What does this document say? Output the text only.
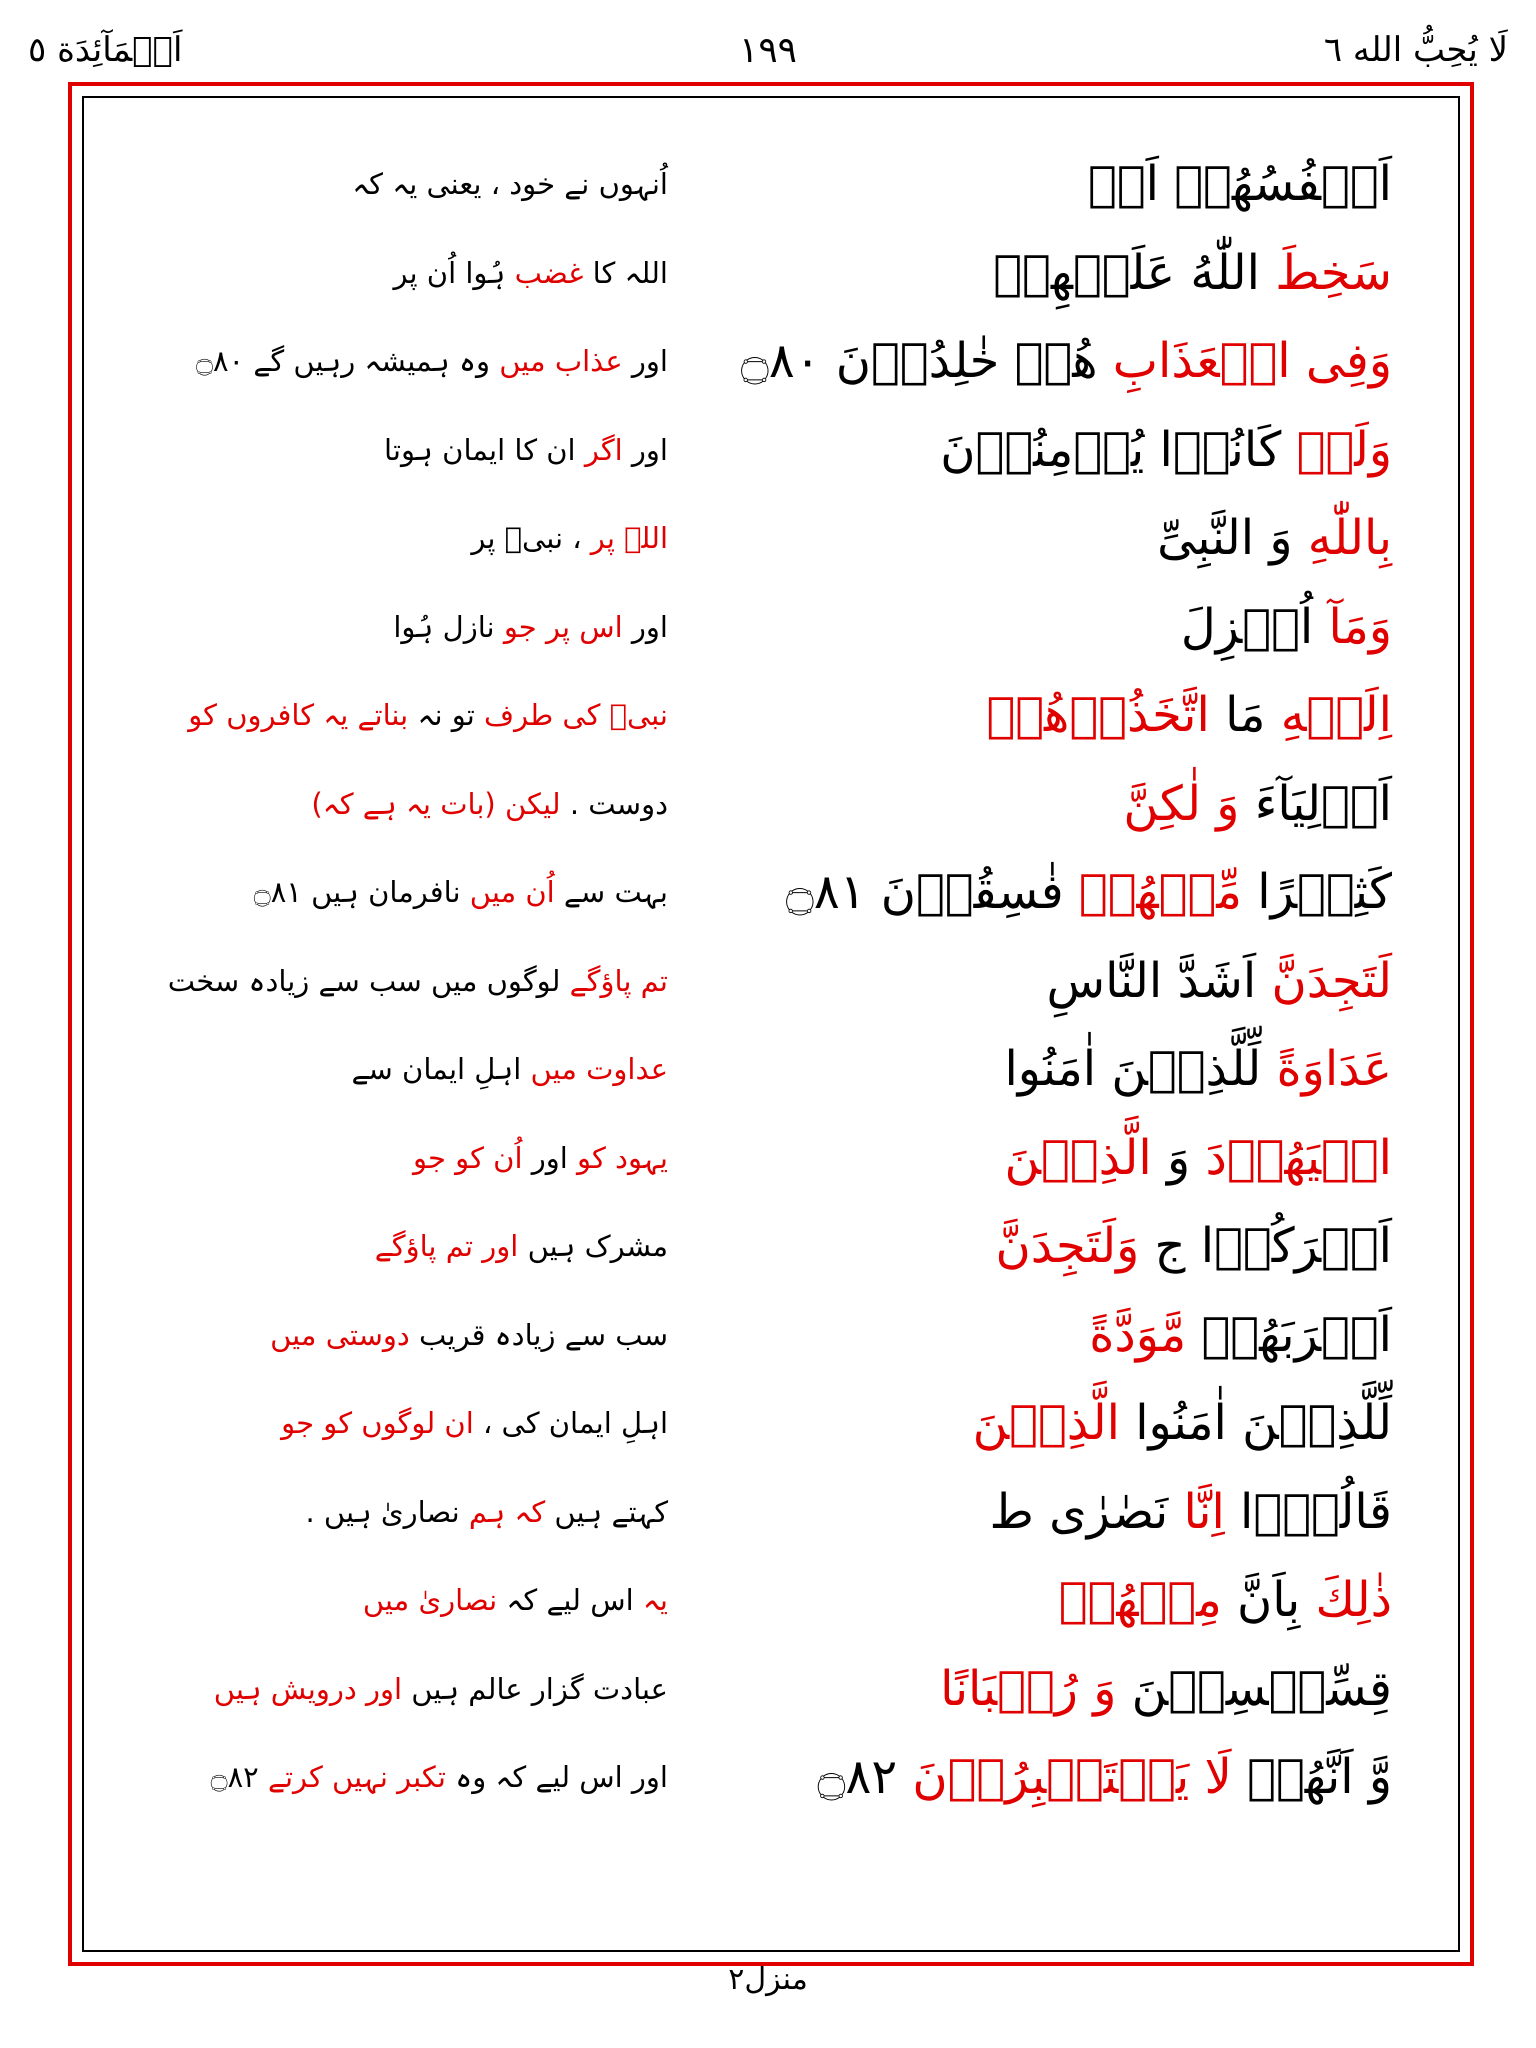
اَلۡمَآئِدَة ٥	١٩٩	لَا يُحِبُّ الله ٦
اَنۡفُسُهُمۡ اَنۡ
اُنہوں نے خود ، یعنی یہ کہ
سَخِطَ اللّٰهُ عَلَيۡهِمۡ
اللہ کا غضب ہُوا اُن پر
وَفِى الۡعَذَابِ هُمۡ خٰلِدُوۡنَ ۝٨٠
اور عذاب میں وہ ہمیشہ رہیں گے ۝٨٠
وَلَوۡ كَانُوۡا يُؤۡمِنُوۡنَ
اور اگر ان کا ایمان ہوتا
بِاللّٰهِ وَ النَّبِىِّ
اللہ پر ، نبیؐ پر
وَمَآ اُنۡزِلَ
اور اس پر جو نازل ہُوا
اِلَيۡهِ مَا اتَّخَذُوۡهُمۡ
نبیؐ کی طرف تو نہ بناتے یہ کافروں کو
اَوۡلِيَآءَ وَ لٰكِنَّ
دوست . لیکن (بات یہ ہے کہ)
كَثِيۡرًا مِّنۡهُمۡ فٰسِقُوۡنَ ۝٨١
بہت سے اُن میں نافرمان ہیں ۝٨١
لَتَجِدَنَّ اَشَدَّ النَّاسِ
تم پاؤگے لوگوں میں سب سے زیادہ سخت
عَدَاوَةً لِّلَّذِيۡنَ اٰمَنُوا
عداوت میں اہلِ ایمان سے
الۡيَهُوۡدَ وَ الَّذِيۡنَ
یہود کو اور اُن کو جو
اَشۡرَكُوۡا ج وَلَتَجِدَنَّ
مشرک ہیں اور تم پاؤگے
اَقۡرَبَهُمۡ مَّوَدَّةً
سب سے زیادہ قریب دوستی میں
لِّلَّذِيۡنَ اٰمَنُوا الَّذِيۡنَ
اہلِ ایمان کی ، ان لوگوں کو جو
قَالُوۡۤا اِنَّا نَصٰرٰى ط
کہتے ہیں کہ ہم نصاریٰ ہیں .
ذٰلِكَ بِاَنَّ مِنۡهُمۡ
یہ اس لیے کہ نصاریٰ میں
قِسِّيۡسِيۡنَ وَ رُهۡبَانًا
عبادت گزار عالم ہیں اور درویش ہیں
وَّ اَنَّهُمۡ لَا يَسۡتَكۡبِرُوۡنَ ۝٨٢
اور اس لیے کہ وہ تکبر نہیں کرتے ۝٨٢
منزل٢
